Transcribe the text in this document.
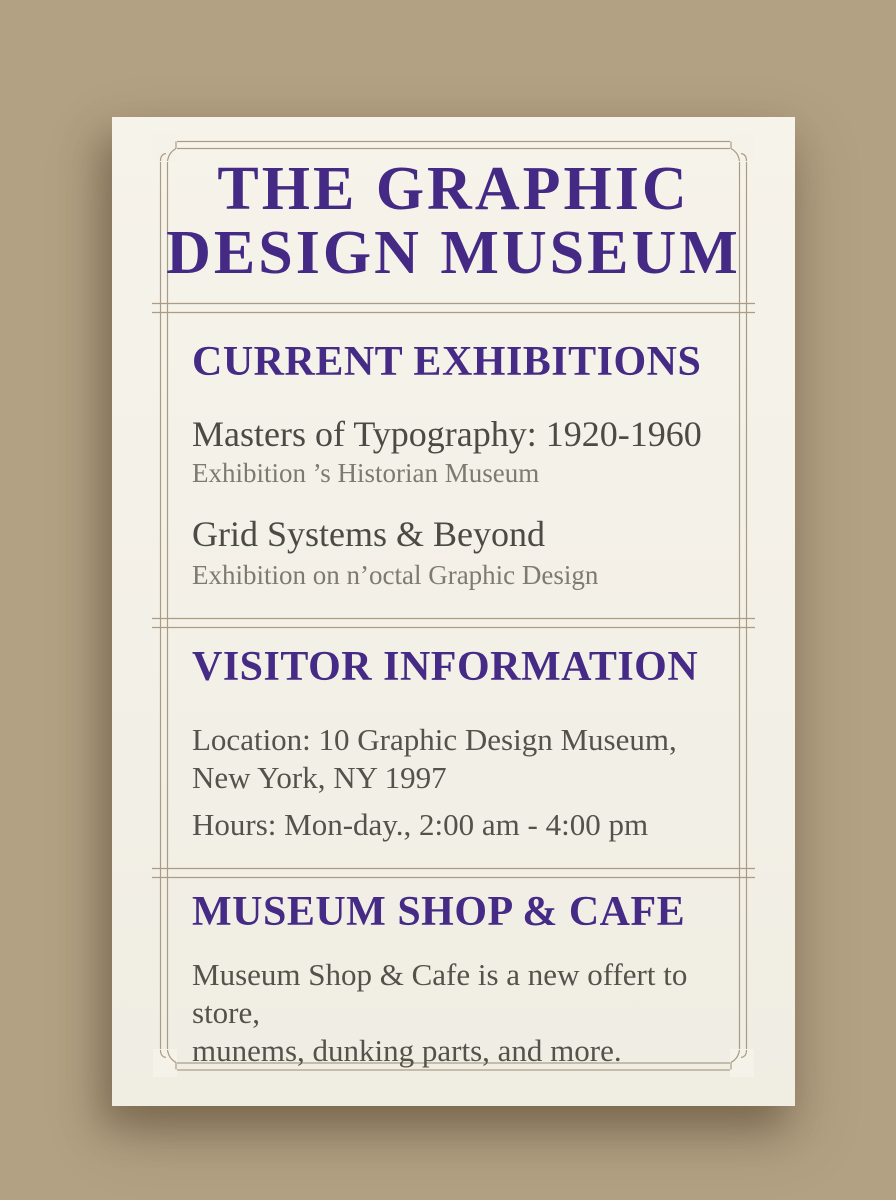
THE GRAPHIC
DESIGN MUSEUM
CURRENT EXHIBITIONS
Masters of Typography: 1920-1960
Exhibition ’s Historian Museum
Grid Systems & Beyond
Exhibition on n’octal Graphic Design
VISITOR INFORMATION
Location: 10 Graphic Design Museum,
New York, NY 1997
Hours: Mon-day., 2:00 am - 4:00 pm
MUSEUM SHOP & CAFE
Museum Shop & Cafe is a new offert to store,
munems, dunking parts, and more.
